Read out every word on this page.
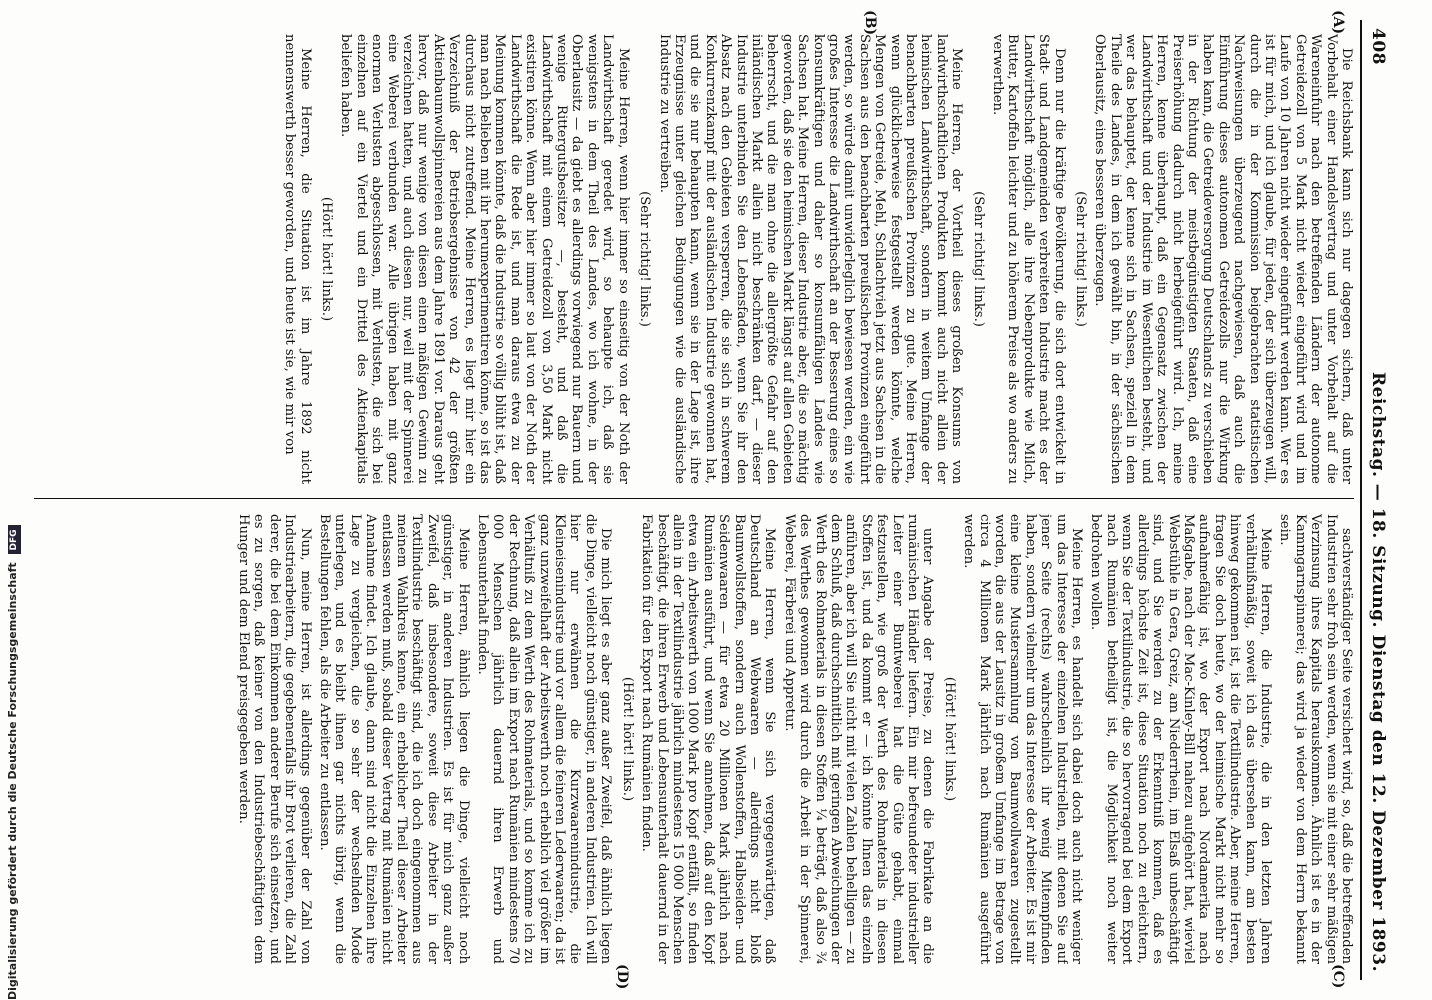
408
Reichstag. — 18. Sitzung.
Dienstag den 12. Dezember 1893.
(A)
(B)
(C)
(D)

Die Reichsbank kann sich nur dagegen sichern, daß unter Vorbehalt einer Handelsvertrag und unter Vorbehalt auf die Wareneinfuhr nach den betreffenden Ländern der autonome Getreidezoll von 5 Mark nicht wieder eingeführt wird und im Laufe von 10 Jahren nicht wieder eingeführt werden kann. Wer es ist für mich, und ich glaube, für jeden, der sich überzeugen will, durch die in der Kommission beigebrachten statistischen Nachweisungen überzeugend nachgewiesen, daß auch die Einführung dieses autonomen Getreidezolls nur die Wirkung haben kann, die Getreideversorgung Deutschlands zu verschieben in der Richtung der meistbegünstigten Staaten, daß eine Preiserhöhung dadurch nicht herbeigeführt wird. Ich, meine Herren, kenne überhaupt, daß ein Gegensatz zwischen der Landwirthschaft und der Industrie im Wesentlichen besteht, und wer das behauptet, der kenne sich in Sachsen, speziell in dem Theile des Landes, in dem ich gewählt bin, in der sächsischen Oberlausitz, eines besseren überzeugen.

(Sehr richtig! links.)

Denn nur die kräftige Bevölkerung, die sich dort entwickelt in Stadt- und Landgemeinden verbreiteten Industrie macht es der Landwirthschaft möglich, alle ihre Nebenprodukte wie Milch, Butter, Kartoffeln leichter und zu höherem Preise als wo anders zu verwerthen.

(Sehr richtig! links.)

Meine Herren, der Vortheil dieses großen Konsums von landwirthschaftlichen Produkten kommt auch nicht allein der heimischen Landwirthschaft, sondern in weitem Umfange der benachbarten preußischen Provinzen zu gute. Meine Herren, wenn glücklicherweise festgestellt werden könnte, welche Mengen von Getreide, Mehl, Schlachtvieh jetzt aus Sachsen in die Sachsen aus den benachbarten preußischen Provinzen eingeführt werden, so würde damit unwiderleglich bewiesen werden, ein wie großes Interesse die Landwirthschaft an der Besserung eines so konsumkräftigen und daher so konsumfähigen Landes wie Sachsen hat. Meine Herren, dieser Industrie aber, die so mächtig geworden, daß sie den heimischen Markt längst auf allen Gebieten beherrscht, und die man ohne die allergrößte Gefahr auf den inländischen Markt allein nicht beschränken darf, — dieser Industrie unterbinden Sie den Lebensfaden, wenn Sie ihr den Absatz nach den Gebieten versperren, die sie sich in schwerem Konkurrenzkampf mit der ausländischen Industrie gewonnen hat, und die sie nur behaupten kann, wenn sie in der Lage ist, ihre Erzeugnisse unter gleichen Bedingungen wie die ausländische Industrie zu vertreiben.

(Sehr richtig! links.)

Meine Herren, wenn hier immer so einseitig von der Noth der Landwirthschaft geredet wird, so behaupte ich, daß sie wenigstens in dem Theil des Landes, wo ich wohne, in der Oberlausitz — da giebt es allerdings vorwiegend nur Bauern und wenige Rittergutsbesitzer —, besteht, und daß die Landwirthschaft mit einem Getreidezoll von 3,50 Mark nicht existiren könne. Wenn aber hier immer so laut von der Noth der Landwirthschaft die Rede ist, und man daraus etwa zu der Meinung kommen könnte, daß die Industrie so völlig blüht ist, daß man nach Belieben mit ihr herumexperimentiren könne, so ist das durchaus nicht zutreffend. Meine Herren, es liegt mir hier ein Verzeichniß der Betriebsergebnisse von 42 der größten Aktienbaumwollspinnereien aus dem Jahre 1891 vor. Daraus geht hervor, daß nur wenige von diesen einen mäßigen Gewinn zu verzeichnen hatten, und auch diesen nur, weil mit der Spinnerei eine Weberei verbunden war. Alle übrigen haben mit ganz enormen Verlusten abgeschlossen, mit Verlusten, die sich bei einzelnen auf ein Viertel und ein Drittel des Aktienkapitals beliefen haben.

(Hört! hört! links.)

Meine Herren, die Situation ist im Jahre 1892 nicht nennenswerth besser geworden, und heute ist sie, wie mir von

sachverständiger Seite versichert wird, so, daß die betreffenden Industrien sehr froh sein werden, wenn sie mit einer sehr mäßigen Verzinsung ihres Kapitals herauskommen. Ähnlich ist es in der Kammgarnspinnerei; das wird ja wieder von dem Herrn bekannt sein.

Meine Herren, die Industrie, die in den letzten Jahren verhältnißmäßig, soweit ich das übersehen kann, am besten hinweg gekommen ist, ist die Textilindustrie. Aber, meine Herren, fragen Sie doch heute, wo der heimische Markt nicht mehr so aufnahmefähig ist, wo der Export nach Nordamerika nach Maßgabe, nach der Mac-Kinley-Bill nahezu aufgehört hat, wieviel Webstühle in Gera, Greiz, am Niederrhein, im Elsaß unbeschäftigt sind, und Sie werden zu der Erkenntniß kommen, daß es allerdings höchste Zeit ist, diese Situation noch zu erleichtern, wenn Sie der Textilindustrie, die so hervorragend bei dem Export nach Rumänien betheiligt ist, die Möglichkeit noch weiter bedrohen wollen.

Meine Herren, es handelt sich dabei doch auch nicht weniger um das Interesse der einzelnen Industriellen, mit denen Sie auf jener Seite (rechts) wahrscheinlich ihr wenig Mitempfinden haben, sondern vielmehr um das Interesse der Arbeiter. Es ist mir eine kleine Mustersammlung von Baumwollwaaren zugestellt worden, die aus der Lausitz in großem Umfange im Betrage von circa 4 Millionen Mark jährlich nach Rumänien ausgeführt werden.

(Hört! hört! links.)

unter Angabe der Preise, zu denen die Fabrikate an die rumänischen Händler liefern. Ein mir befreundeter industrieller Leiter einer Buntweberei hat die Güte gehabt, einmal festzustellen, wie groß der Werth des Rohmaterials in diesen Stoffen ist, und da kommt er — ich könnte Ihnen das einzeln anführen, aber ich will Sie nicht mit vielen Zahlen behelligen — zu dem Schluß, daß durchschnittlich mit geringen Abweichungen der Werth des Rohmaterials in diesen Stoffen ¼ beträgt, daß also ¾ des Werthes gewonnen wird durch die Arbeit in der Spinnerei, Weberei, Färberei und Appretur.

Meine Herren, wenn Sie sich vergegenwärtigen, daß Deutschland an Webwaaren — allerdings nicht bloß Baumwollstoffen, sondern auch Wollenstoffen, Halbseiden- und Seidenwaaren — für etwa 20 Millionen Mark jährlich nach Rumänien ausführt, und wenn Sie annehmen, daß auf den Kopf etwa ein Arbeitswerth von 1000 Mark pro Kopf entfällt, so finden allein in der Textilindustrie jährlich mindestens 15 000 Menschen beschäftigt, die ihren Erwerb und Lebensunterhalt dauernd in der Fabrikation für den Export nach Rumänien finden.

(Hört! hört! links.)

Die mich liegt es aber ganz außer Zweifel, daß ähnlich liegen die Dinge, vielleicht noch günstiger, in anderen Industrien. Ich will hier nur erwähnen die Kurzwaarenindustrie, die Kleineisenindustrie und vor allem die feineren Lederwaaren; da ist ganz unzweifelhaft der Arbeitswerth noch erheblich viel größer im Verhältniß zu dem Werth des Rohmaterials, und so komme ich zu der Rechnung, daß allein im Export nach Rumänien mindestens 70 000 Menschen jährlich dauernd ihren Erwerb und Lebensunterhalt finden.

Meine Herren, ähnlich liegen die Dinge, vielleicht noch günstiger, in anderen Industrien. Es ist für mich ganz außer Zweifel, daß insbesondere, soweit diese Arbeiter in der Textilindustrie beschäftigt sind, die ich doch eingenommen aus meinem Wahlkreis kenne, ein erheblicher Theil dieser Arbeiter entlassen werden muß, sobald dieser Vertrag mit Rumänien nicht Annahme findet. Ich glaube, dann sind nicht die Einzelnen ihre Lage zu vergleichen, die so sehr der wechselnden Mode unterlegen, und es bleibt ihnen gar nichts übrig, wenn die Bestellungen fehlen, als die Arbeiter zu entlassen.

Nun, meine Herren, ist allerdings gegenüber der Zahl von Industriearbeitern, die gegebenenfalls ihr Brot verlieren, die Zahl derer, die bei dem Einkommen anderer Berufe sich einsetzen, und es zu sorgen, daß keiner von den Industriebeschäftigten dem Hunger und dem Elend preisgegeben werden.

Digitalisierung gefördert durch die Deutsche Forschungsgemeinschaft DFG
